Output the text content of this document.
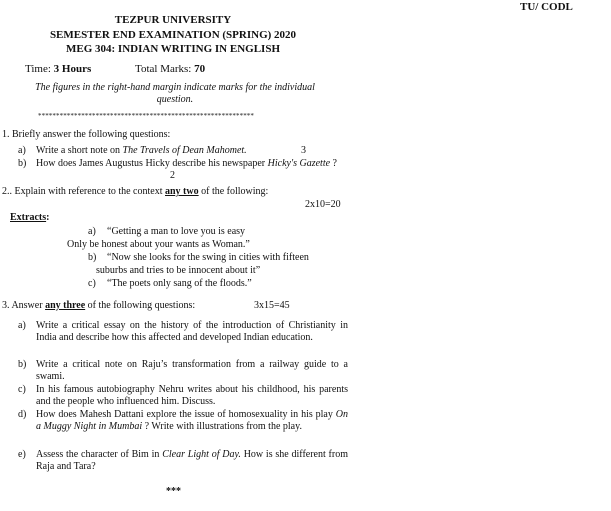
TU/ CODL
TEZPUR UNIVERSITY
SEMESTER END EXAMINATION (SPRING) 2020
MEG 304: INDIAN WRITING IN ENGLISH
Time: 3 Hours	Total Marks: 70
The figures in the right-hand margin indicate marks for the individual question.
************************************************************
1. Briefly answer the following questions:
a) Write a short note on The Travels of Dean Mahomet.	3
b) How does James Augustus Hicky describe his newspaper Hicky's Gazette ?
2
2.. Explain with reference to the context any two of the following:
2x10=20
Extracts:
a) “Getting a man to love you is easy
Only be honest about your wants as Woman.”
b) “Now she looks for the swing in cities with fifteen
suburbs and tries to be innocent about it”
c) “The poets only sang of the floods.”
3. Answer any three of the following questions:	3x15=45
a) Write a critical essay on the history of the introduction of Christianity in India and describe how this affected and developed Indian education.
b) Write a critical note on Raju’s transformation from a railway guide to a swami.
c) In his famous autobiography Nehru writes about his childhood, his parents and the people who influenced him. Discuss.
d) How does Mahesh Dattani explore the issue of homosexuality in his play On a Muggy Night in Mumbai ? Write with illustrations from the play.
e) Assess the character of Bim in Clear Light of Day. How is she different from Raja and Tara?
***
